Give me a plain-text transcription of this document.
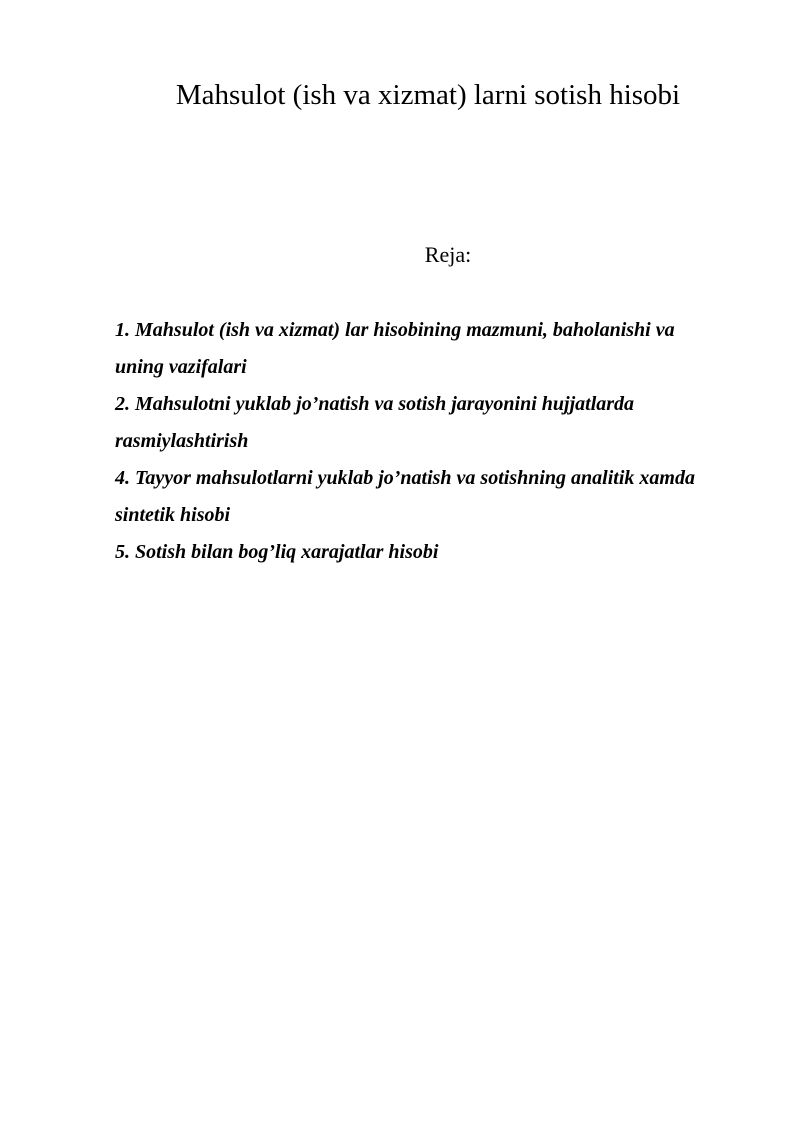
Mahsulot (ish va xizmat) larni sotish hisobi
Reja:
1. Mahsulot (ish va xizmat) lar hisobining mazmuni, baholanishi va uning vazifalari
2. Mahsulotni yuklab jo’natish va sotish jarayonini hujjatlarda rasmiylashtirish
4. Tayyor mahsulotlarni yuklab jo’natish va sotishning analitik xamda sintetik hisobi
5. Sotish bilan bog’liq xarajatlar hisobi
